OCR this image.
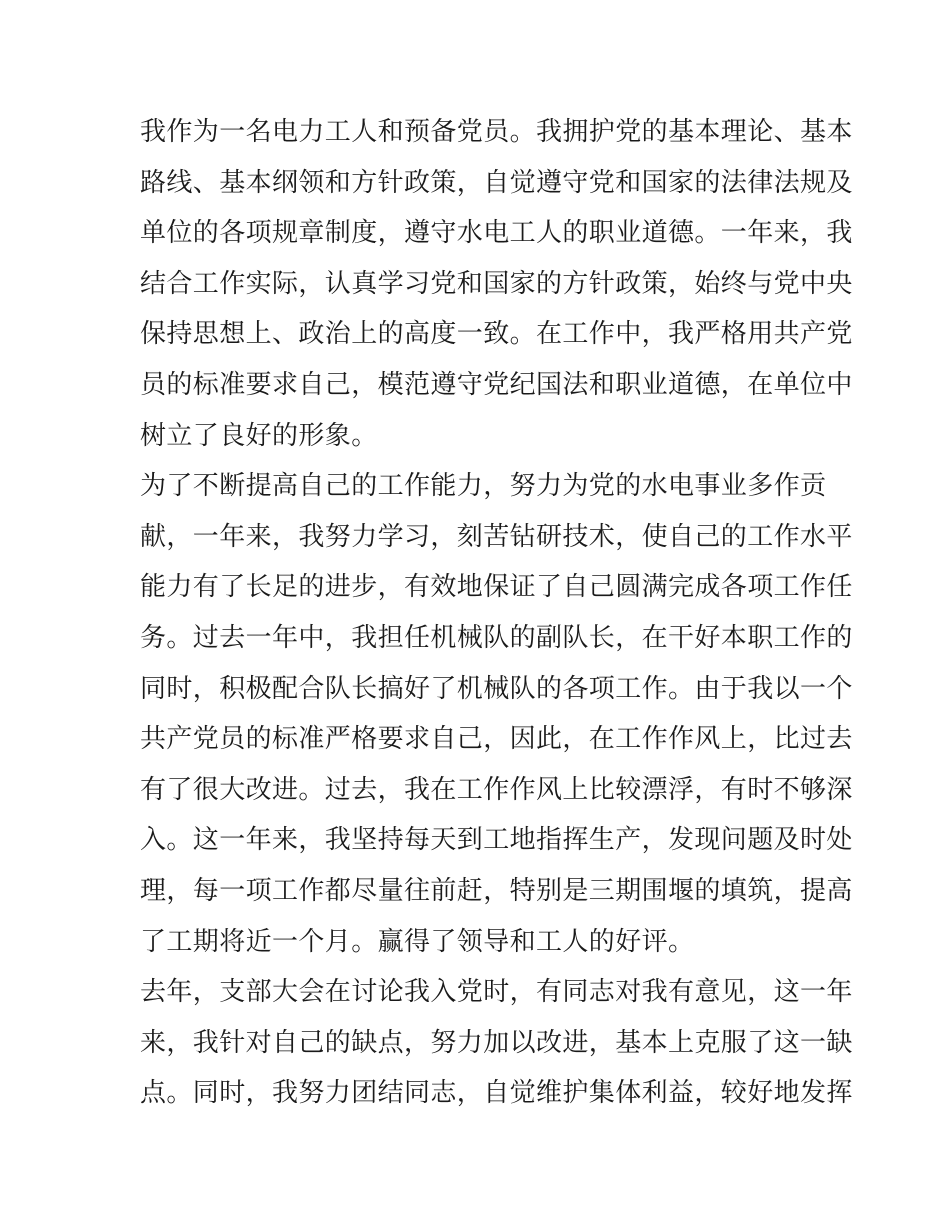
我作为一名电力工人和预备党员。我拥护党的基本理论、基本
路线、基本纲领和方针政策，自觉遵守党和国家的法律法规及
单位的各项规章制度，遵守水电工人的职业道德。一年来，我
结合工作实际，认真学习党和国家的方针政策，始终与党中央
保持思想上、政治上的高度一致。在工作中，我严格用共产党
员的标准要求自己，模范遵守党纪国法和职业道德，在单位中
树立了良好的形象。
为了不断提高自己的工作能力，努力为党的水电事业多作贡
献，一年来，我努力学习，刻苦钻研技术，使自己的工作水平
能力有了长足的进步，有效地保证了自己圆满完成各项工作任
务。过去一年中，我担任机械队的副队长，在干好本职工作的
同时，积极配合队长搞好了机械队的各项工作。由于我以一个
共产党员的标准严格要求自己，因此，在工作作风上，比过去
有了很大改进。过去，我在工作作风上比较漂浮，有时不够深
入。这一年来，我坚持每天到工地指挥生产，发现问题及时处
理，每一项工作都尽量往前赶，特别是三期围堰的填筑，提高
了工期将近一个月。赢得了领导和工人的好评。
去年，支部大会在讨论我入党时，有同志对我有意见，这一年
来，我针对自己的缺点，努力加以改进，基本上克服了这一缺
点。同时，我努力团结同志，自觉维护集体利益，较好地发挥
